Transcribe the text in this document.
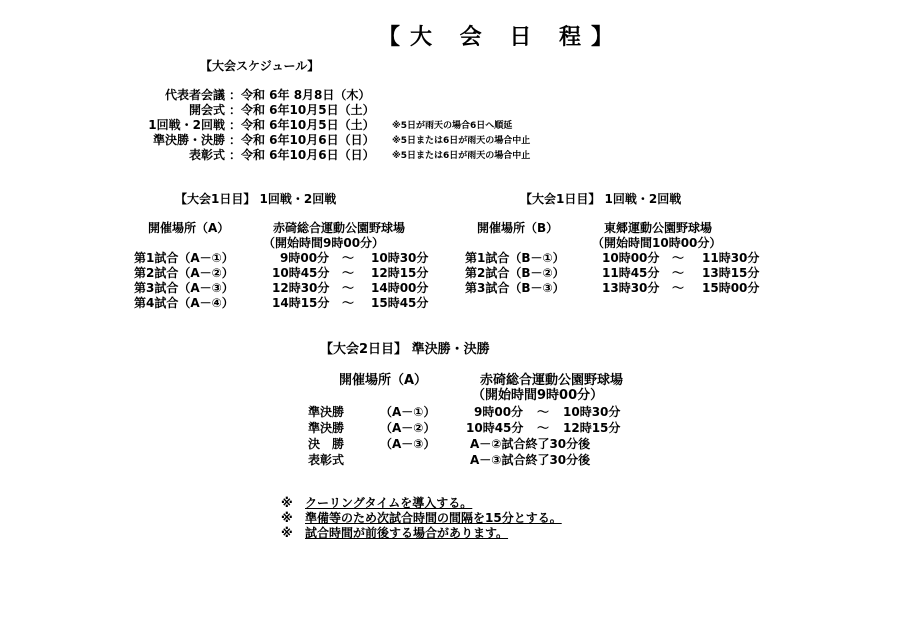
【大 会 日 程】
【大会スケジュール】
代表者会議 ： 令和 6年 8月8日（木）
開会式 ： 令和 6年10月5日（土）
1回戦・2回戦 ： 令和 6年10月5日（土） ※5日が雨天の場合6日へ順延
準決勝・決勝 ： 令和 6年10月6日（日） ※5日または6日が雨天の場合中止
表彰式 ： 令和 6年10月6日（日） ※5日または6日が雨天の場合中止
【大会1日目】 1回戦・2回戦
開催場所（A）	赤碕総合運動公園野球場
（開始時間9時00分）
第1試合（A－①）	9時00分 ～ 10時30分
第2試合（A－②）	10時45分 ～ 12時15分
第3試合（A－③）	12時30分 ～ 14時00分
第4試合（A－④）	14時15分 ～ 15時45分
【大会1日目】 1回戦・2回戦
開催場所（B）	東郷運動公園野球場
（開始時間10時00分）
第1試合（B－①）	10時00分 ～ 11時30分
第2試合（B－②）	11時45分 ～ 13時15分
第3試合（B－③）	13時30分 ～ 15時00分
【大会2日目】 準決勝・決勝
開催場所（A）	赤碕総合運動公園野球場
（開始時間9時00分）
準決勝	（A－①）	9時00分 ～ 10時30分
準決勝	（A－②）	10時45分 ～ 12時15分
決　勝	（A－③）	A－②試合終了30分後
表彰式	A－③試合終了30分後
※ クーリングタイムを導入する。
※ 準備等のため次試合時間の間隔を15分とする。
※ 試合時間が前後する場合があります。
